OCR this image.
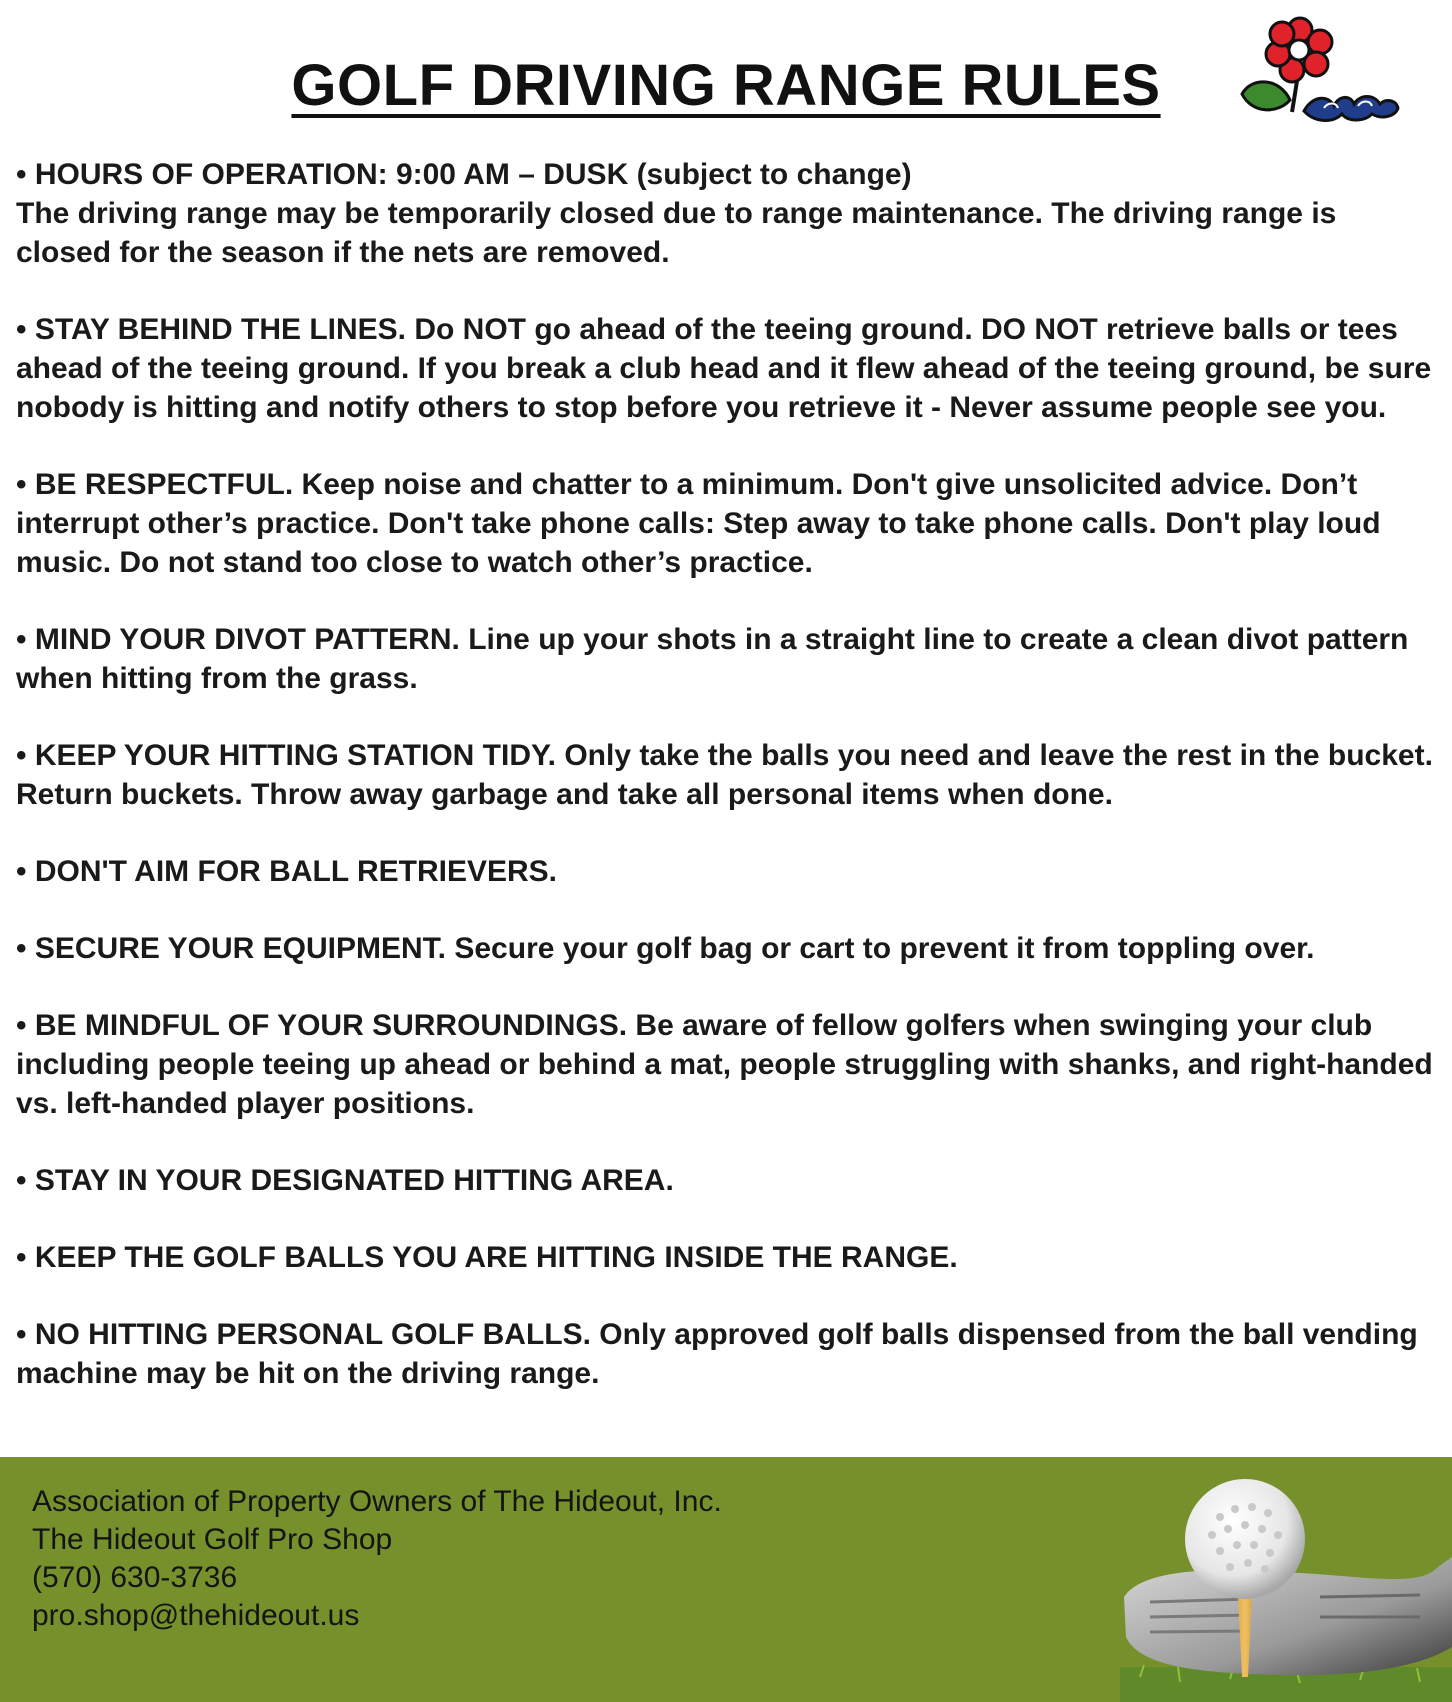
GOLF DRIVING RANGE RULES
• HOURS OF OPERATION: 9:00 AM – DUSK (subject to change)
The driving range may be temporarily closed due to range maintenance. The driving range is closed for the season if the nets are removed.
• STAY BEHIND THE LINES. Do NOT go ahead of the teeing ground. DO NOT retrieve balls or tees ahead of the teeing ground. If you break a club head and it flew ahead of the teeing ground, be sure nobody is hitting and notify others to stop before you retrieve it - Never assume people see you.
• BE RESPECTFUL. Keep noise and chatter to a minimum. Don't give unsolicited advice. Don’t interrupt other’s practice. Don't take phone calls: Step away to take phone calls. Don't play loud music. Do not stand too close to watch other’s practice.
• MIND YOUR DIVOT PATTERN. Line up your shots in a straight line to create a clean divot pattern when hitting from the grass.
• KEEP YOUR HITTING STATION TIDY. Only take the balls you need and leave the rest in the bucket. Return buckets. Throw away garbage and take all personal items when done.
• DON'T AIM FOR BALL RETRIEVERS.
• SECURE YOUR EQUIPMENT. Secure your golf bag or cart to prevent it from toppling over.
• BE MINDFUL OF YOUR SURROUNDINGS. Be aware of fellow golfers when swinging your club including people teeing up ahead or behind a mat, people struggling with shanks, and right-handed vs. left-handed player positions.
• STAY IN YOUR DESIGNATED HITTING AREA.
• KEEP THE GOLF BALLS YOU ARE HITTING INSIDE THE RANGE.
• NO HITTING PERSONAL GOLF BALLS. Only approved golf balls dispensed from the ball vending machine may be hit on the driving range.
Association of Property Owners of The Hideout, Inc.
The Hideout Golf Pro Shop
(570) 630-3736
pro.shop@thehideout.us
